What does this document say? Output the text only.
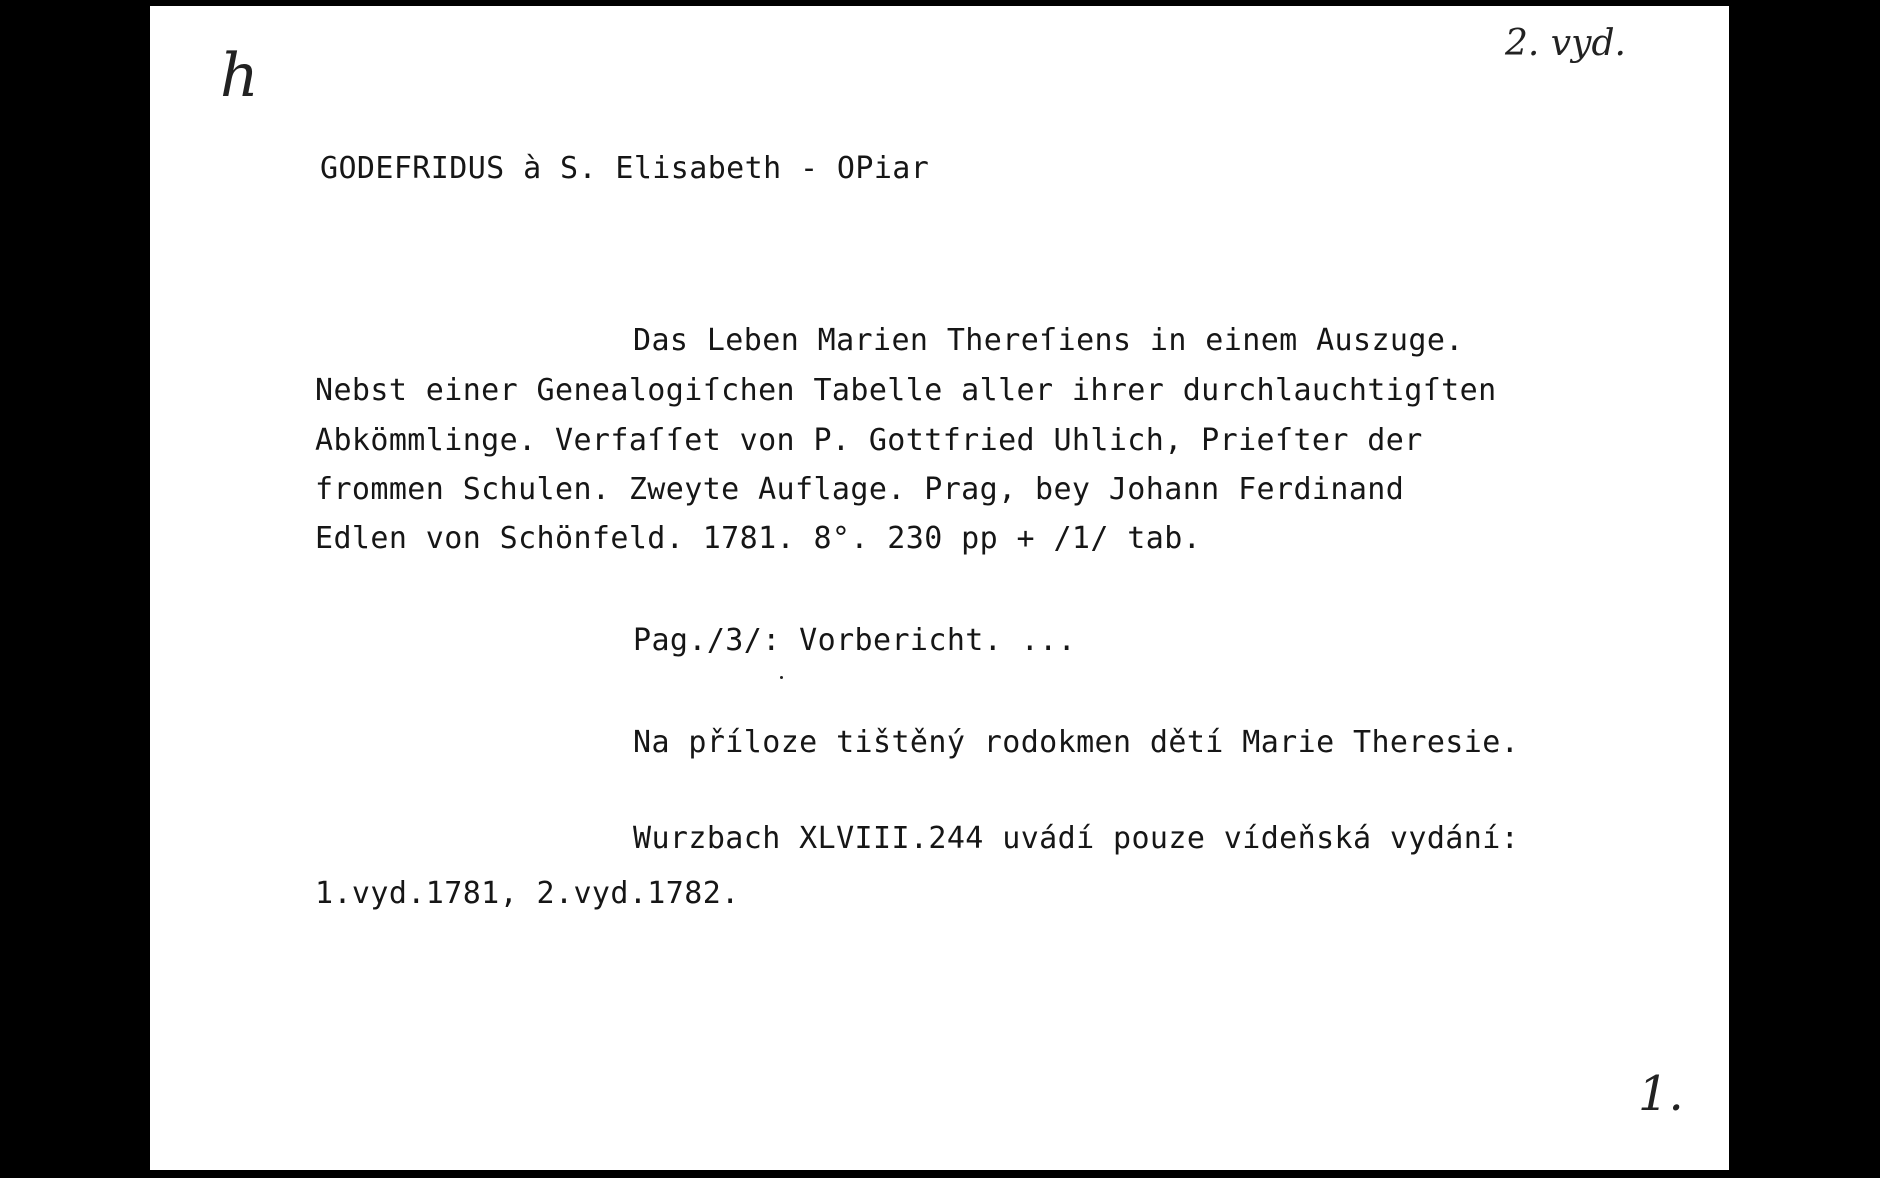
h	2. vyd.
GODEFRIDUS à S. Elisabeth - OPiar
Das Leben Marien Thereſiens in einem Auszuge.
Nebst einer Genealogiſchen Tabelle aller ihrer durchlauchtigſten
Abkömmlinge. Verfaſſet von P. Gottfried Uhlich, Prieſter der
frommen Schulen. Zweyte Auflage. Prag, bey Johann Ferdinand
Edlen von Schönfeld. 1781. 8°. 230 pp + /1/ tab.
Pag./3/: Vorbericht. ...
Na příloze tištěný rodokmen dětí Marie Theresie.
Wurzbach XLVIII.244 uvádí pouze vídeňská vydání:
1.vyd.1781, 2.vyd.1782.
1.
